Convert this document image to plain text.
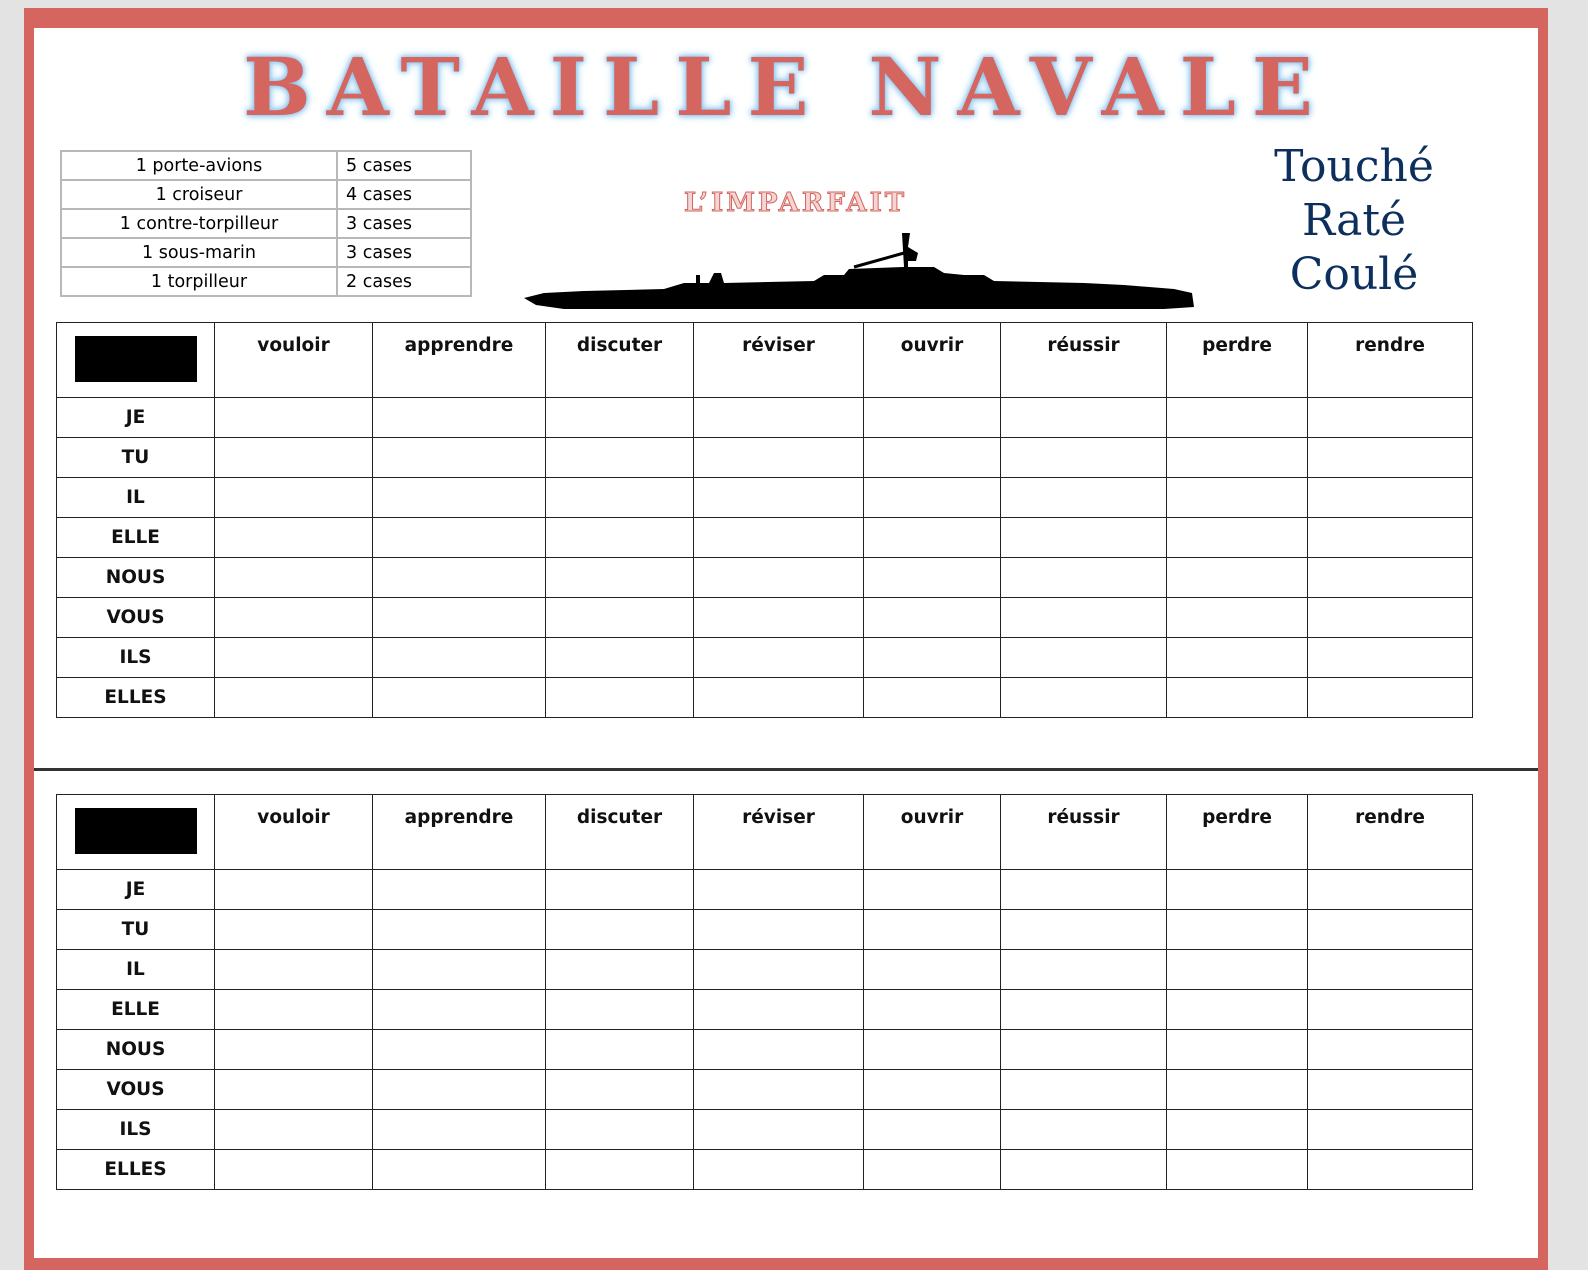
BATAILLE NAVALE
1 porte-avions	5 cases
1 croiseur	4 cases
1 contre-torpilleur	3 cases
1 sous-marin	3 cases
1 torpilleur	2 cases
L’IMPARFAIT
Touché
Raté
Coulé
	vouloir	apprendre	discuter	réviser	ouvrir	réussir	perdre	rendre
JE								
TU								
IL								
ELLE								
NOUS								
VOUS								
ILS								
ELLES								
	vouloir	apprendre	discuter	réviser	ouvrir	réussir	perdre	rendre
JE								
TU								
IL								
ELLE								
NOUS								
VOUS								
ILS								
ELLES								
